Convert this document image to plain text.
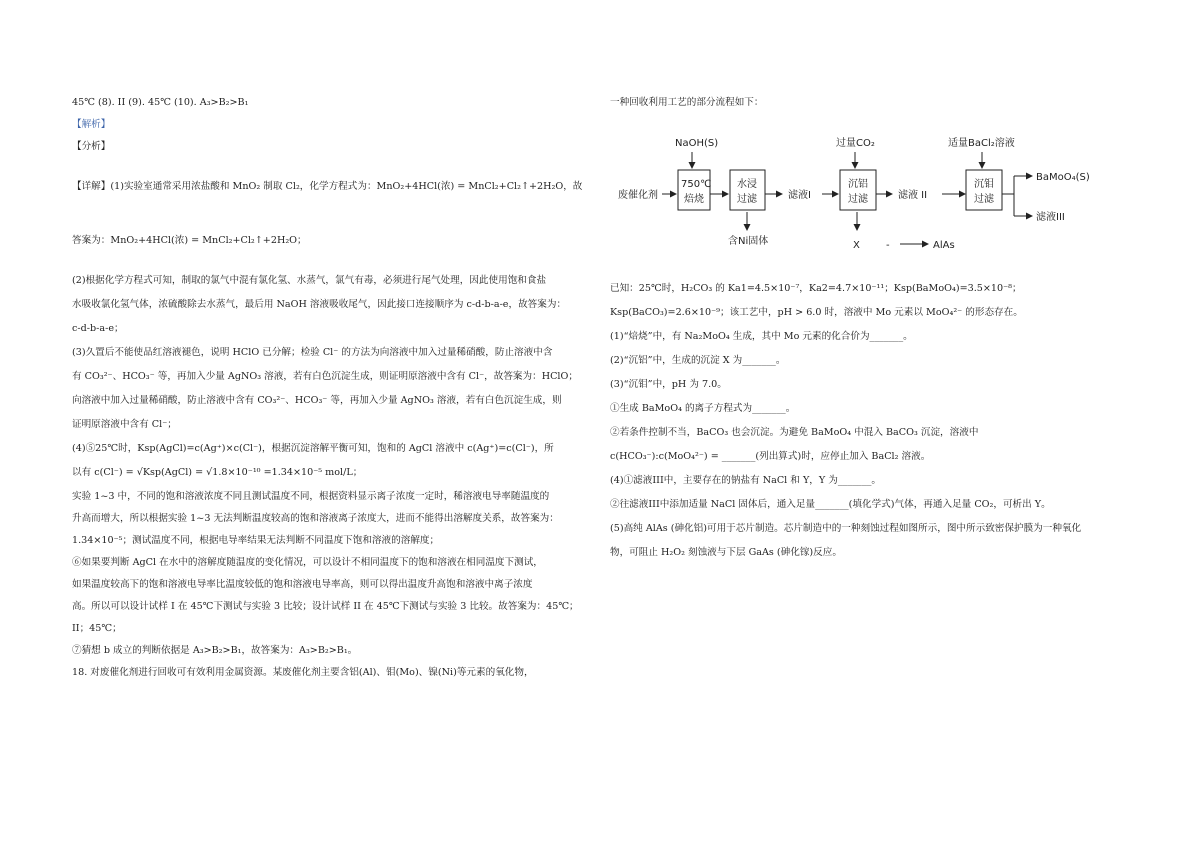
45℃ (8). II (9). 45℃ (10). A₃>B₂>B₁
【解析】
【分析】
【详解】(1)实验室通常采用浓盐酸和 MnO₂ 制取 Cl₂，化学方程式为：MnO₂+4HCl(浓) = MnCl₂+Cl₂↑+2H₂O，故
答案为：MnO₂+4HCl(浓) = MnCl₂+Cl₂↑+2H₂O；
(2)根据化学方程式可知，制取的氯气中混有氯化氢、水蒸气，氯气有毒，必须进行尾气处理，因此使用饱和食盐
水吸收氯化氢气体，浓硫酸除去水蒸气，最后用 NaOH 溶液吸收尾气，因此接口连接顺序为 c-d-b-a-e，故答案为：
c-d-b-a-e；
(3)久置后不能使品红溶液褪色，说明 HClO 已分解；检验 Cl⁻ 的方法为向溶液中加入过量稀硝酸，防止溶液中含
有 CO₃²⁻、HCO₃⁻ 等，再加入少量 AgNO₃ 溶液，若有白色沉淀生成，则证明原溶液中含有 Cl⁻，故答案为：HClO；
向溶液中加入过量稀硝酸，防止溶液中含有 CO₃²⁻、HCO₃⁻ 等，再加入少量 AgNO₃ 溶液，若有白色沉淀生成，则
证明原溶液中含有 Cl⁻；
(4)⑤25℃时，Ksp(AgCl)=c(Ag⁺)×c(Cl⁻)，根据沉淀溶解平衡可知，饱和的 AgCl 溶液中 c(Ag⁺)=c(Cl⁻)，所
以有 c(Cl⁻) = √Ksp(AgCl) = √1.8×10⁻¹⁰ =1.34×10⁻⁵ mol/L；
实验 1~3 中，不同的饱和溶液浓度不同且测试温度不同，根据资料显示离子浓度一定时，稀溶液电导率随温度的
升高而增大，所以根据实验 1~3 无法判断温度较高的饱和溶液离子浓度大，进而不能得出溶解度关系，故答案为：
1.34×10⁻⁵；测试温度不同，根据电导率结果无法判断不同温度下饱和溶液的溶解度；
⑥如果要判断 AgCl 在水中的溶解度随温度的变化情况，可以设计不相同温度下的饱和溶液在相同温度下测试，
如果温度较高下的饱和溶液电导率比温度较低的饱和溶液电导率高，则可以得出温度升高饱和溶液中离子浓度
高。所以可以设计试样 I 在 45℃下测试与实验 3 比较；设计试样 II 在 45℃下测试与实验 3 比较。故答案为：45℃；
II；45℃；
⑦猜想 b 成立的判断依据是 A₃>B₂>B₁，故答案为：A₃>B₂>B₁。
18. 对废催化剂进行回收可有效利用金属资源。某废催化剂主要含铝(Al)、钼(Mo)、镍(Ni)等元素的氧化物，
一种回收利用工艺的部分流程如下：
NaOH(S)	过量CO₂	适量BaCl₂溶液
废催化剂
750℃
焙烧
水浸
过滤	滤液I
沉铝
过滤	滤液 II
沉钼
过滤
BaMoO₄(S)
滤液III
含Ni固体	X	-	AlAs
已知：25℃时，H₂CO₃ 的 Ka1=4.5×10⁻⁷，Ka2=4.7×10⁻¹¹；Ksp(BaMoO₄)=3.5×10⁻⁸；
Ksp(BaCO₃)=2.6×10⁻⁹；该工艺中，pH > 6.0 时，溶液中 Mo 元素以 MoO₄²⁻ 的形态存在。
(1)“焙烧”中，有 Na₂MoO₄ 生成，其中 Mo 元素的化合价为_______。
(2)“沉铝”中，生成的沉淀 X 为_______。
(3)“沉钼”中，pH 为 7.0。
①生成 BaMoO₄ 的离子方程式为_______。
②若条件控制不当，BaCO₃ 也会沉淀。为避免 BaMoO₄ 中混入 BaCO₃ 沉淀，溶液中
c(HCO₃⁻):c(MoO₄²⁻) = _______(列出算式)时，应停止加入 BaCl₂ 溶液。
(4)①滤液III中，主要存在的钠盐有 NaCl 和 Y，Y 为_______。
②往滤液III中添加适量 NaCl 固体后，通入足量_______(填化学式)气体，再通入足量 CO₂，可析出 Y。
(5)高纯 AlAs (砷化铝)可用于芯片制造。芯片制造中的一种刻蚀过程如图所示，图中所示致密保护膜为一种氧化
物，可阻止 H₂O₂ 刻蚀液与下层 GaAs (砷化镓)反应。
